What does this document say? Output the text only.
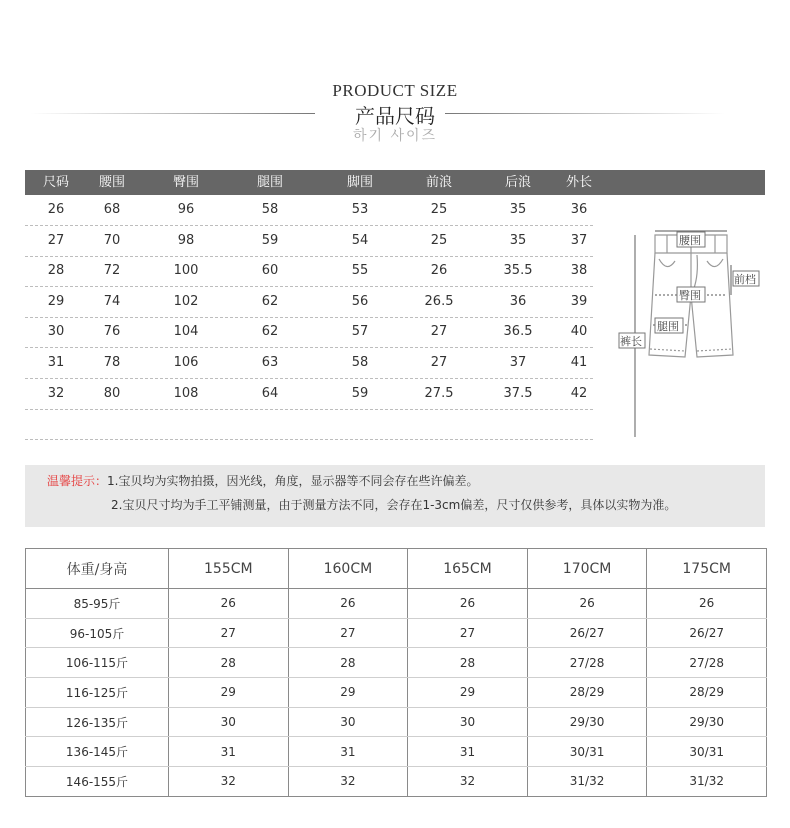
PRODUCT SIZE
产品尺码
하기 사이즈
尺码 腰围	臀围	腿围	脚围	前浪	后浪	外长
26	68	96	58	53	25	35	36
27	70	98	59	54	25	35	37
28	72	100	60	55	26	35.5	38
29	74	102	62	56	26.5	36	39
30	76	104	62	57	27	36.5	40
31	78	106	63	58	27	37	41
32	80	108	64	59	27.5	37.5	42
腰围
前档
臀围
腿围
裤长
温馨提示：1.宝贝均为实物拍摄，因光线，角度，显示器等不同会存在些许偏差。
2.宝贝尺寸均为手工平铺测量，由于测量方法不同，会存在1-3cm偏差，尺寸仅供参考，具体以实物为准。
体重/身高	155CM	160CM	165CM	170CM	175CM
85-95斤	26	26	26	26	26
96-105斤	27	27	27	26/27	26/27
106-115斤	28	28	28	27/28	27/28
116-125斤	29	29	29	28/29	28/29
126-135斤	30	30	30	29/30	29/30
136-145斤	31	31	31	30/31	30/31
146-155斤	32	32	32	31/32	31/32
